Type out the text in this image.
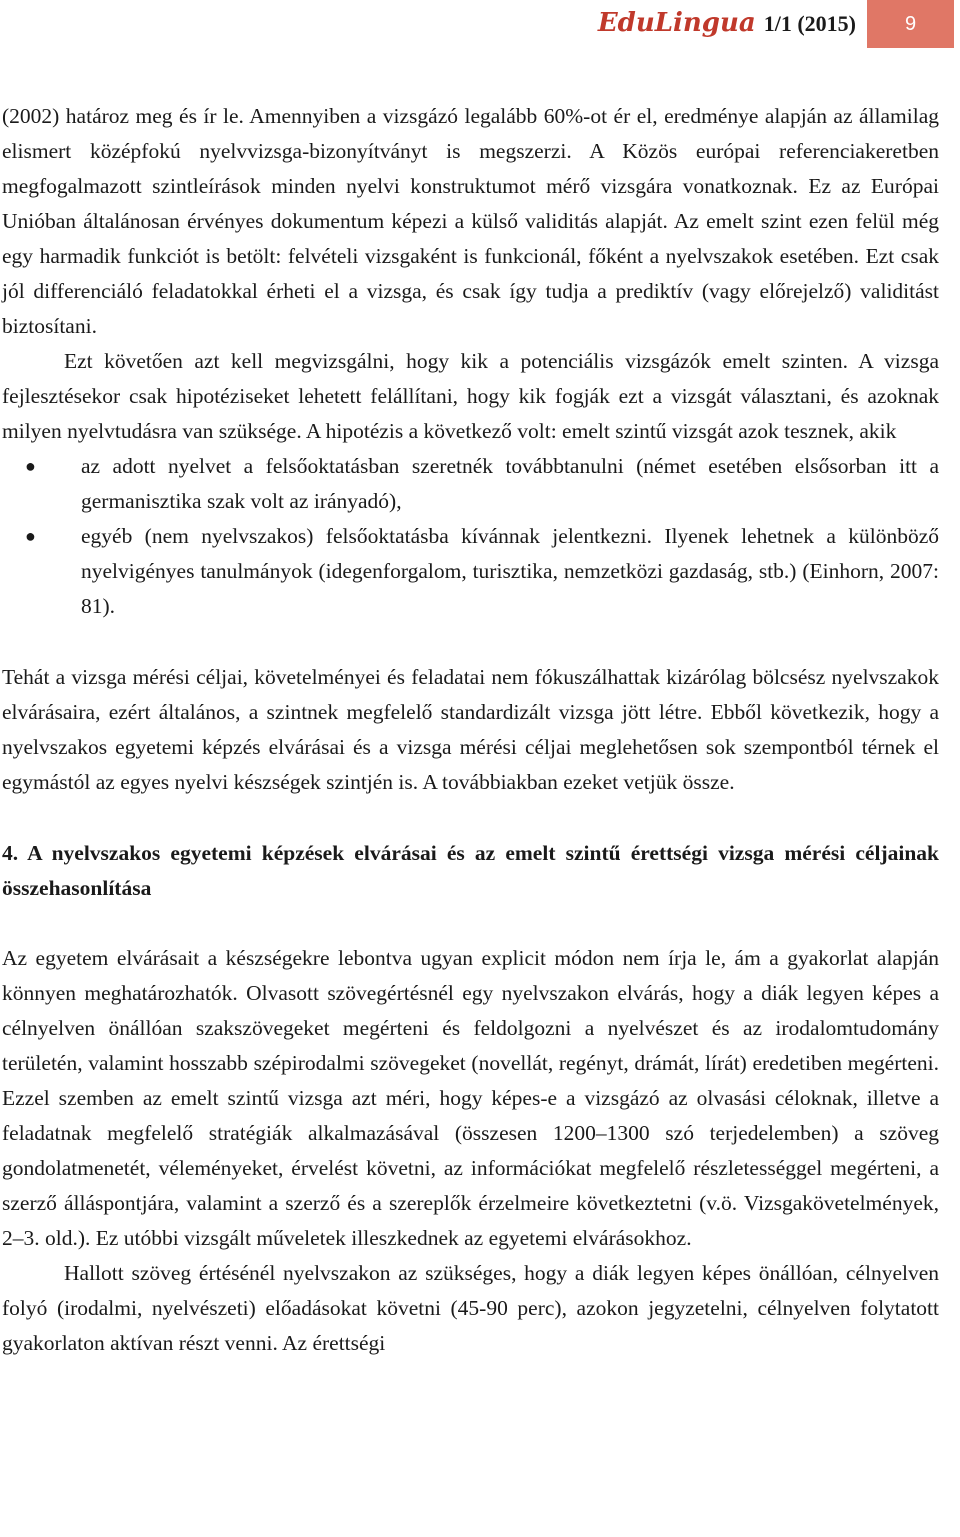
EduLingua 1/1 (2015)	9

(2002) határoz meg és ír le. Amennyiben a vizsgázó legalább 60%-ot ér el, eredménye alapján az államilag elismert középfokú nyelvvizsga-bizonyítványt is megszerzi. A Közös európai referenciakeretben megfogalmazott szintleírások minden nyelvi konstruktumot mérő vizsgára vonatkoznak. Ez az Európai Unióban általánosan érvényes dokumentum képezi a külső validitás alapját. Az emelt szint ezen felül még egy harmadik funkciót is betölt: felvételi vizsgaként is funkcionál, főként a nyelvszakok esetében. Ezt csak jól differenciáló feladatokkal érheti el a vizsga, és csak így tudja a prediktív (vagy előrejelző) validitást biztosítani.

Ezt követően azt kell megvizsgálni, hogy kik a potenciális vizsgázók emelt szinten. A vizsga fejlesztésekor csak hipotéziseket lehetett felállítani, hogy kik fogják ezt a vizsgát választani, és azoknak milyen nyelvtudásra van szüksége. A hipotézis a következő volt: emelt szintű vizsgát azok tesznek, akik

● az adott nyelvet a felsőoktatásban szeretnék továbbtanulni (német esetében elsősorban itt a germanisztika szak volt az irányadó),
● egyéb (nem nyelvszakos) felsőoktatásba kívánnak jelentkezni. Ilyenek lehetnek a különböző nyelvigényes tanulmányok (idegenforgalom, turisztika, nemzetközi gazdaság, stb.) (Einhorn, 2007: 81).

Tehát a vizsga mérési céljai, követelményei és feladatai nem fókuszálhattak kizárólag bölcsész nyelvszakok elvárásaira, ezért általános, a szintnek megfelelő standardizált vizsga jött létre. Ebből következik, hogy a nyelvszakos egyetemi képzés elvárásai és a vizsga mérési céljai meglehetősen sok szempontból térnek el egymástól az egyes nyelvi készségek szintjén is. A továbbiakban ezeket vetjük össze.

4. A nyelvszakos egyetemi képzések elvárásai és az emelt szintű érettségi vizsga mérési céljainak összehasonlítása

Az egyetem elvárásait a készségekre lebontva ugyan explicit módon nem írja le, ám a gyakorlat alapján könnyen meghatározhatók. Olvasott szövegértésnél egy nyelvszakon elvárás, hogy a diák legyen képes a célnyelven önállóan szakszövegeket megérteni és feldolgozni a nyelvészet és az irodalomtudomány területén, valamint hosszabb szépirodalmi szövegeket (novellát, regényt, drámát, lírát) eredetiben megérteni. Ezzel szemben az emelt szintű vizsga azt méri, hogy képes-e a vizsgázó az olvasási céloknak, illetve a feladatnak megfelelő stratégiák alkalmazásával (összesen 1200–1300 szó terjedelemben) a szöveg gondolatmenetét, véleményeket, érvelést követni, az információkat megfelelő részletességgel megérteni, a szerző álláspontjára, valamint a szerző és a szereplők érzelmeire következtetni (v.ö. Vizsgakövetelmények, 2–3. old.). Ez utóbbi vizsgált műveletek illeszkednek az egyetemi elvárásokhoz.

Hallott szöveg értésénél nyelvszakon az szükséges, hogy a diák legyen képes önállóan, célnyelven folyó (irodalmi, nyelvészeti) előadásokat követni (45-90 perc), azokon jegyzetelni, célnyelven folytatott gyakorlaton aktívan részt venni. Az érettségi
